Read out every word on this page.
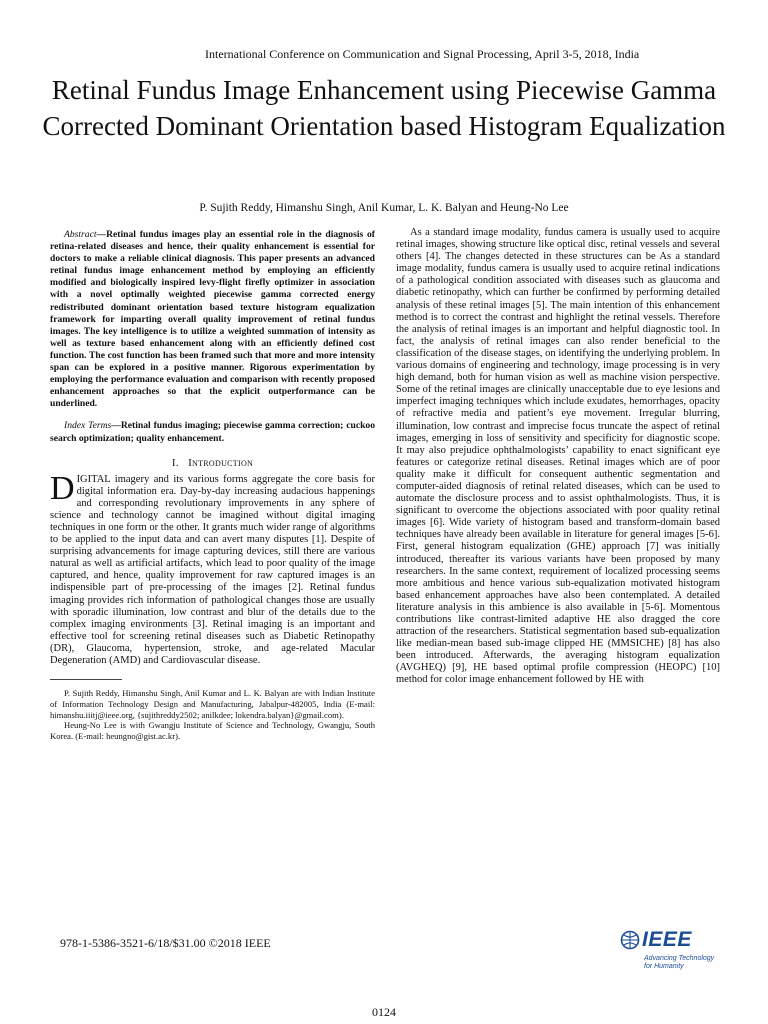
International Conference on Communication and Signal Processing, April 3-5, 2018, India
Retinal Fundus Image Enhancement using Piecewise Gamma Corrected Dominant Orientation based Histogram Equalization
P. Sujith Reddy, Himanshu Singh, Anil Kumar, L. K. Balyan and Heung-No Lee

Abstract—Retinal fundus images play an essential role in the diagnosis of retina-related diseases and hence, their quality enhancement is essential for doctors to make a reliable clinical diagnosis. This paper presents an advanced retinal fundus image enhancement method by employing an efficiently modified and biologically inspired levy-flight firefly optimizer in association with a novel optimally weighted piecewise gamma corrected energy redistributed dominant orientation based texture histogram equalization framework for imparting overall quality improvement of retinal fundus images. The key intelligence is to utilize a weighted summation of intensity as well as texture based enhancement along with an efficiently defined cost function. The cost function has been framed such that more and more intensity span can be explored in a positive manner. Rigorous experimentation by employing the performance evaluation and comparison with recently proposed enhancement approaches so that the explicit outperformance can be underlined.

Index Terms—Retinal fundus imaging; piecewise gamma correction; cuckoo search optimization; quality enhancement.

I. Introduction

DIGITAL imagery and its various forms aggregate the core basis for digital information era. Day-by-day increasing audacious happenings and corresponding revolutionary improvements in any sphere of science and technology cannot be imagined without digital imaging techniques in one form or the other. It grants much wider range of algorithms to be applied to the input data and can avert many disputes [1]. Despite of surprising advancements for image capturing devices, still there are various natural as well as artificial artifacts, which lead to poor quality of the image captured, and hence, quality improvement for raw captured images is an indispensible part of pre-processing of the images [2]. Retinal fundus imaging provides rich information of pathological changes those are usually with sporadic illumination, low contrast and blur of the details due to the complex imaging environments [3]. Retinal imaging is an important and effective tool for screening retinal diseases such as Diabetic Retinopathy (DR), Glaucoma, hypertension, stroke, and age-related Macular Degeneration (AMD) and Cardiovascular disease.

P. Sujith Reddy, Himanshu Singh, Anil Kumar and L. K. Balyan are with Indian Institute of Information Technology Design and Manufacturing, Jabalpur-482005, India (E-mail: himanshu.iiitj@ieee.org, {sujithreddy2502; anilkdee; lokendra.balyan}@gmail.com).

Heung-No Lee is with Gwangju Institute of Science and Technology, Gwangju, South Korea. (E-mail: heungno@gist.ac.kr).

As a standard image modality, fundus camera is usually used to acquire retinal images, showing structure like optical disc, retinal vessels and several others [4]. The changes detected in these structures can be As a standard image modality, fundus camera is usually used to acquire retinal indications of a pathological condition associated with diseases such as glaucoma and diabetic retinopathy, which can further be confirmed by performing detailed analysis of these retinal images [5]. The main intention of this enhancement method is to correct the contrast and highlight the retinal vessels. Therefore the analysis of retinal images is an important and helpful diagnostic tool. In fact, the analysis of retinal images can also render beneficial to the classification of the disease stages, on identifying the underlying problem. In various domains of engineering and technology, image processing is in very high demand, both for human vision as well as machine vision perspective. Some of the retinal images are clinically unacceptable due to eye lesions and imperfect imaging techniques which include exudates, hemorrhages, opacity of refractive media and patient’s eye movement. Irregular blurring, illumination, low contrast and imprecise focus truncate the aspect of retinal images, emerging in loss of sensitivity and specificity for diagnostic scope. It may also prejudice ophthalmologists’ capability to enact significant eye features or categorize retinal diseases. Retinal images which are of poor quality make it difficult for consequent authentic segmentation and computer-aided diagnosis of retinal related diseases, which can be used to automate the disclosure process and to assist ophthalmologists. Thus, it is significant to overcome the objections associated with poor quality retinal images [6]. Wide variety of histogram based and transform-domain based techniques have already been available in literature for general images [5-6]. First, general histogram equalization (GHE) approach [7] was initially introduced, thereafter its various variants have been proposed by many researchers. In the same context, requirement of localized processing seems more ambitious and hence various sub-equalization motivated histogram based enhancement approaches have also been contemplated. A detailed literature analysis in this ambience is also available in [5-6]. Momentous contributions like contrast-limited adaptive HE also dragged the core attraction of the researchers. Statistical segmentation based sub-equalization like median-mean based sub-image clipped HE (MMSICHE) [8] has also been introduced. Afterwards, the averaging histogram equalization (AVGHEQ) [9], HE based optimal profile compression (HEOPC) [10] method for color image enhancement followed by HE with

978-1-5386-3521-6/18/$31.00 ©2018 IEEE	IEEE
Advancing Technology for Humanity
0124
